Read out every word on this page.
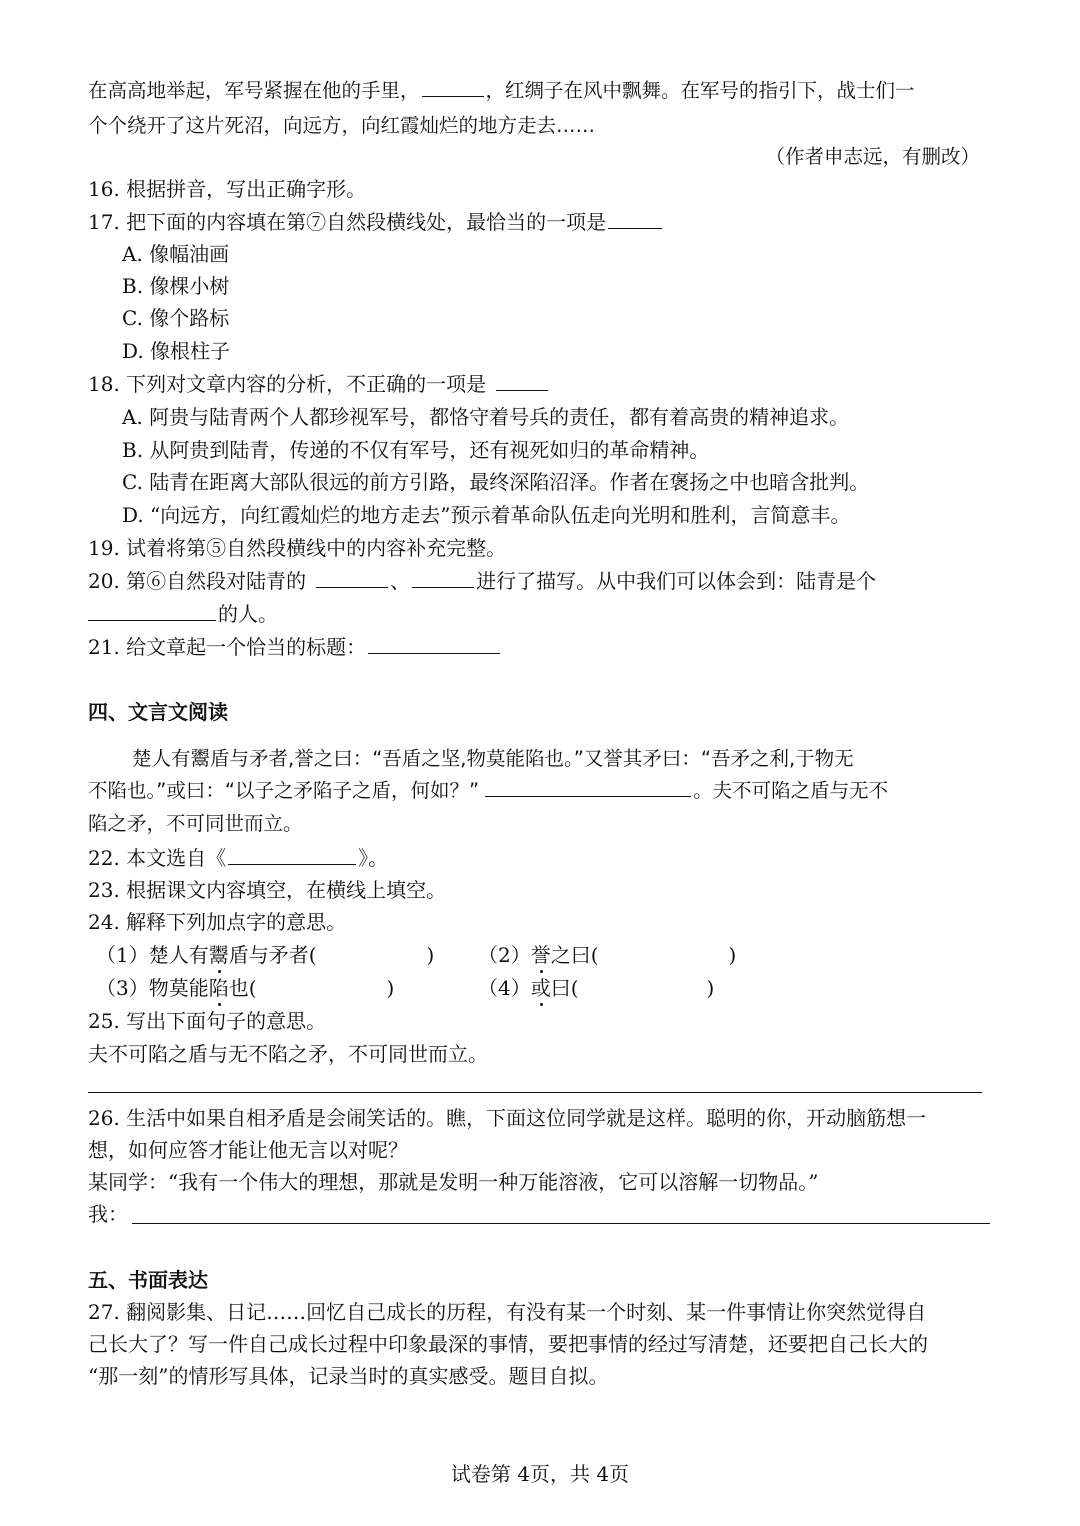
在高高地举起，军号紧握在他的手里，	，红绸子在风中飘舞。在军号的指引下，战士们一
个个绕开了这片死沼，向远方，向红霞灿烂的地方走去……
（作者申志远，有删改）
16. 根据拼音，写出正确字形。
17. 把下面的内容填在第⑦自然段横线处，最恰当的一项是
A. 像幅油画
B. 像棵小树
C. 像个路标
D. 像根柱子
18. 下列对文章内容的分析，不正确的一项是
A. 阿贵与陆青两个人都珍视军号，都恪守着号兵的责任，都有着高贵的精神追求。
B. 从阿贵到陆青，传递的不仅有军号，还有视死如归的革命精神。
C. 陆青在距离大部队很远的前方引路，最终深陷沼泽。作者在褒扬之中也暗含批判。
D. “向远方，向红霞灿烂的地方走去”预示着革命队伍走向光明和胜利，言简意丰。
19. 试着将第⑤自然段横线中的内容补充完整。
20. 第⑥自然段对陆青的	、	进行了描写。从中我们可以体会到：陆青是个
的人。
21. 给文章起一个恰当的标题：
四、文言文阅读
楚人有鬻盾与矛者,誉之曰：“吾盾之坚,物莫能陷也。”又誉其矛曰：“吾矛之利,于物无
不陷也。”或曰：“以子之矛陷子之盾，何如？”	。夫不可陷之盾与无不
陷之矛，不可同世而立。
22. 本文选自《	》。
23. 根据课文内容填空，在横线上填空。
24. 解释下列加点字的意思。
（1）楚人有鬻盾与矛者(	) （2）誉之曰(	)
（3）物莫能陷也(	)	（4）或曰(	)
25. 写出下面句子的意思。
夫不可陷之盾与无不陷之矛，不可同世而立。
26. 生活中如果自相矛盾是会闹笑话的。瞧，下面这位同学就是这样。聪明的你，开动脑筋想一
想，如何应答才能让他无言以对呢？
某同学：“我有一个伟大的理想，那就是发明一种万能溶液，它可以溶解一切物品。”
我：
五、书面表达
27. 翻阅影集、日记……回忆自己成长的历程，有没有某一个时刻、某一件事情让你突然觉得自
己长大了？写一件自己成长过程中印象最深的事情，要把事情的经过写清楚，还要把自己长大的
“那一刻”的情形写具体，记录当时的真实感受。题目自拟。
试卷第 4页，共 4页
